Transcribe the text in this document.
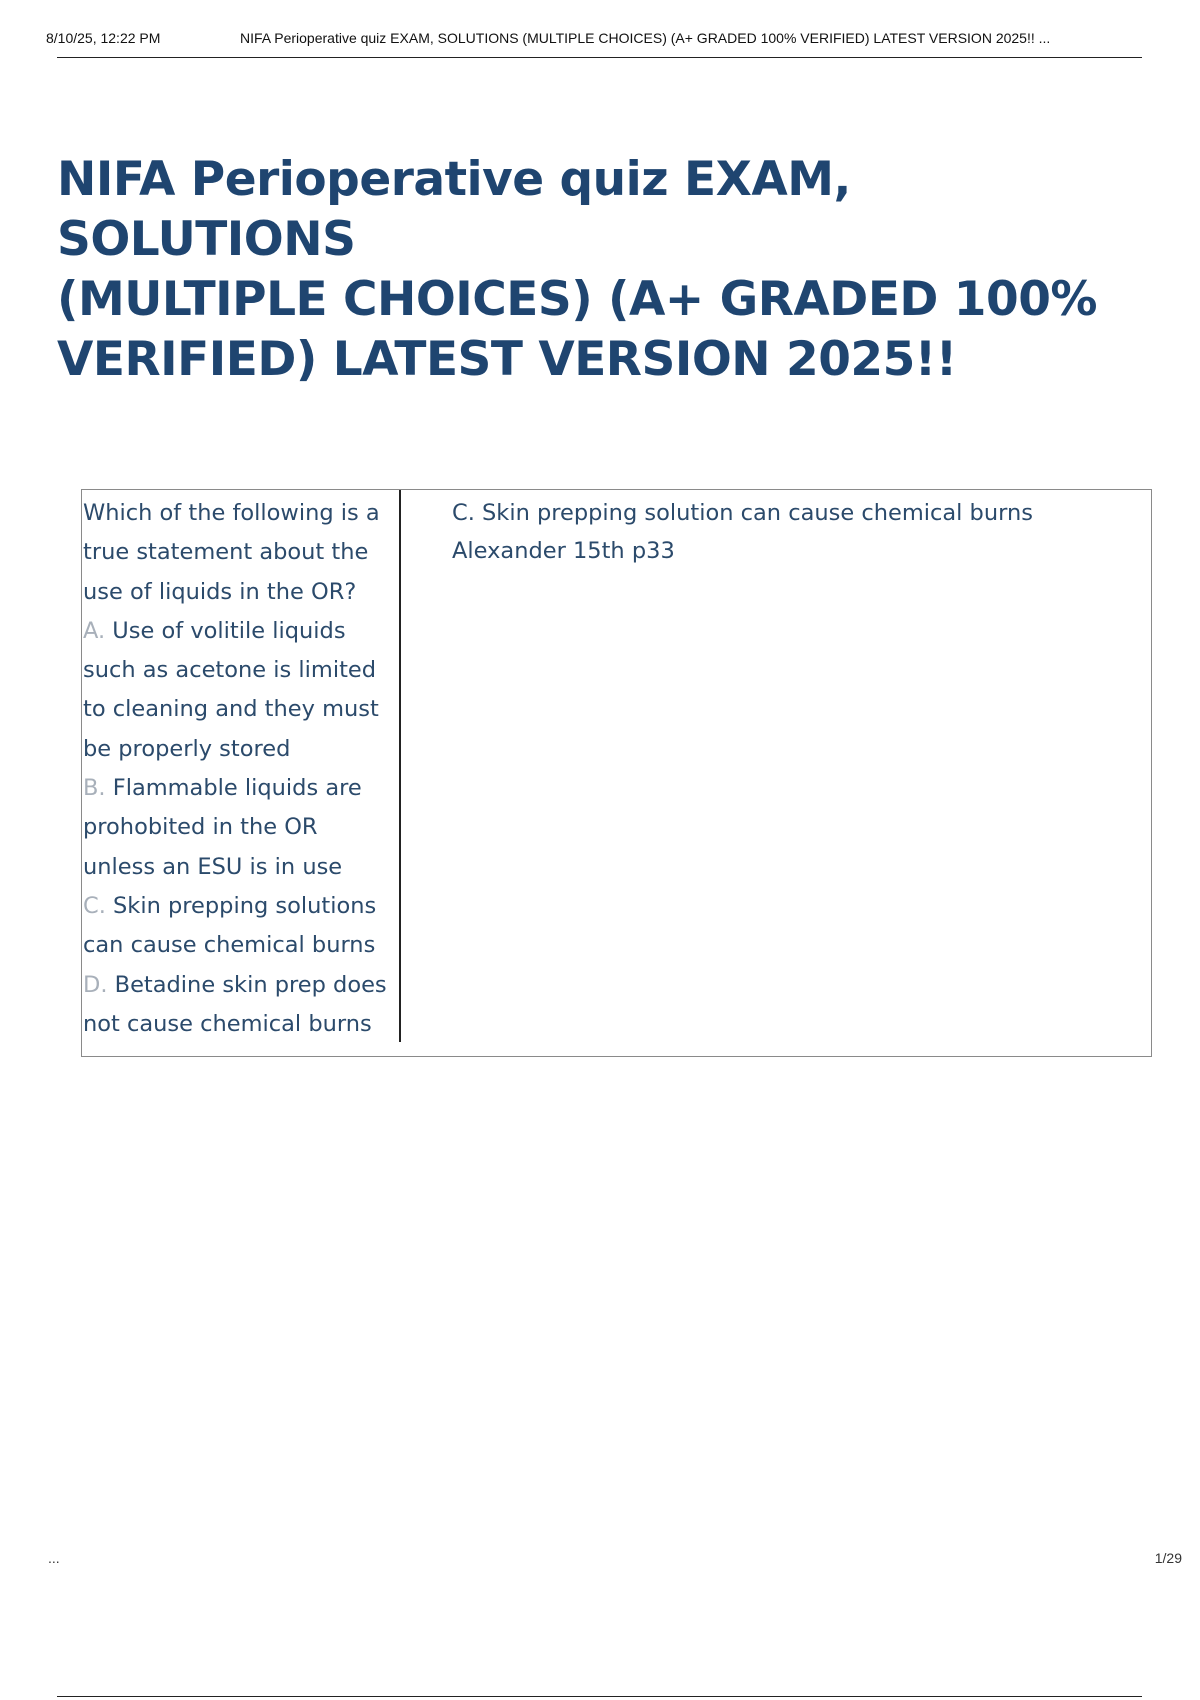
8/10/25, 12:22 PM	NIFA Perioperative quiz EXAM, SOLUTIONS (MULTIPLE CHOICES) (A+ GRADED 100% VERIFIED) LATEST VERSION 2025!! ...
NIFA Perioperative quiz EXAM, SOLUTIONS
(MULTIPLE CHOICES) (A+ GRADED 100%
VERIFIED) LATEST VERSION 2025!!
Which of the following is a
true statement about the
use of liquids in the OR?
A. Use of volitile liquids
such as acetone is limited
to cleaning and they must
be properly stored
B. Flammable liquids are
prohobited in the OR
unless an ESU is in use
C. Skin prepping solutions
can cause chemical burns
D. Betadine skin prep does
not cause chemical burns
C. Skin prepping solution can cause chemical burns
Alexander 15th p33
...	1/29
